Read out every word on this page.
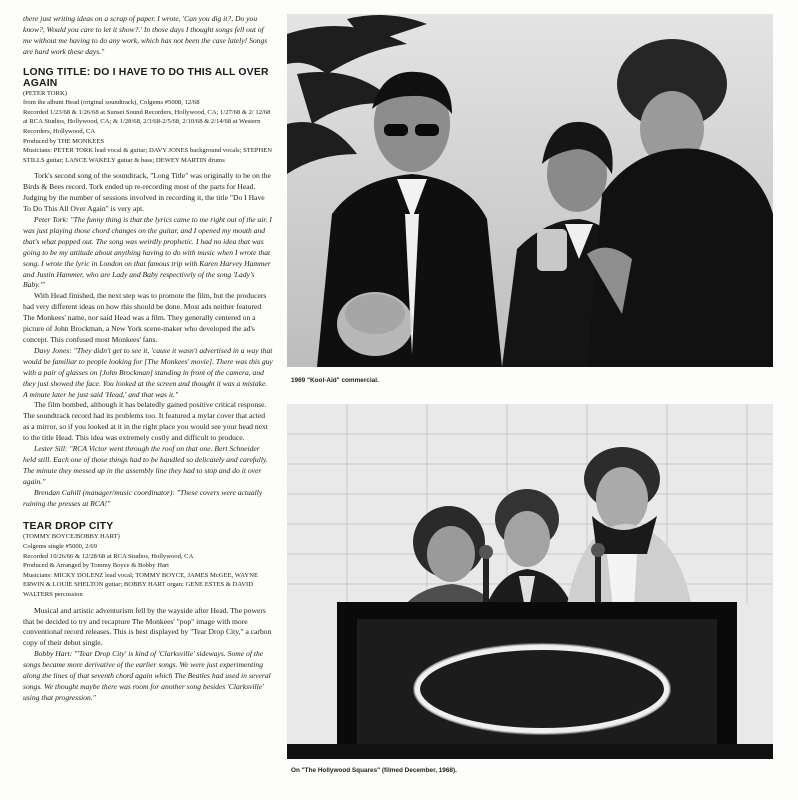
there just writing ideas on a scrap of paper. I wrote, 'Can you dig it?, Do you know?, Would you care to let it show?.' In those days I thought songs fell out of me without me having to do any work, which has not been the case lately! Songs are hard work these days."

LONG TITLE: DO I HAVE TO DO THIS ALL OVER AGAIN
(PETER TORK)
from the album Head (original soundtrack), Colgems #5008, 12/68
Recorded 1/23/68 & 1/26/68 at Sunset Sound Recorders, Hollywood, CA; 1/27/68 & 2/ 12/68 at RCA Studios, Hollywood, CA; & 1/28/68, 2/3/68-2/5/68, 2/10/68 & 2/14/68 at Western Recorders, Hollywood, CA
Produced by THE MONKEES
Musicians: PETER TORK lead vocal & guitar; DAVY JONES background vocals; STEPHEN STILLS guitar; LANCE WAKELY guitar & bass; DEWEY MARTIN drums

Tork's second song of the soundtrack, "Long Title" was originally to be on the Birds & Bees record. Tork ended up re-recording most of the parts for Head. Judging by the number of sessions involved in recording it, the title "Do I Have To Do This All Over Again" is very apt.

Peter Tork: "The funny thing is that the lyrics came to me right out of the air. I was just playing those chord changes on the guitar, and I opened my mouth and that's what popped out. The song was weirdly prophetic. I had no idea that was going to be my attitude about anything having to do with music when I wrote that song. I wrote the lyric in London on that famous trip with Karen Harvey Hammer and Justin Hammer, who are Lady and Baby respectively of the song 'Lady's Baby.'"

With Head finished, the next step was to promote the film, but the producers had very different ideas on how this should be done. Most ads neither featured The Monkees' name, nor said Head was a film. They generally centered on a picture of John Brockman, a New York scene-maker who developed the ad's concept. This confused most Monkees' fans.

Davy Jones: "They didn't get to see it, 'cause it wasn't advertised in a way that would be familiar to people looking for [The Monkees' movie]. There was this guy with a pair of glasses on [John Brockman] standing in front of the camera, and they just showed the face. You looked at the screen and thought it was a mistake. A minute later he just said 'Head,' and that was it."

The film bombed, although it has belatedly gained positive critical response. The soundtrack record had its problems too. It featured a mylar cover that acted as a mirror, so if you looked at it in the right place you would see your head next to the title Head. This idea was extremely costly and difficult to produce.

Lester Sill: "RCA Victor went through the roof on that one. Bert Schneider held still. Each one of those things had to be handled so delicately and carefully. The minute they messed up in the assembly line they had to stop and do it over again."

Brendan Cahill (manager/music coordinator): "These covers were actually ruining the presses at RCA!"

TEAR DROP CITY
(TOMMY BOYCE/BOBBY HART)
Colgems single #5000, 2/69
Recorded 10/26/66 & 12/28/68 at RCA Studios, Hollywood, CA
Produced & Arranged by Tommy Boyce & Bobby Hart
Musicians: MICKY DOLENZ lead vocal; TOMMY BOYCE, JAMES McGEE, WAYNE ERWIN & LOUIE SHELTON guitar; BOBBY HART organ; GENE ESTES & DAVID WALTERS percussion

Musical and artistic adventurism fell by the wayside after Head. The powers that be decided to try and recapture The Monkees' "pop" image with more conventional record releases. This is best displayed by "Tear Drop City," a carbon copy of their debut single.

Bobby Hart: "'Tear Drop City' is kind of 'Clarksville' sideways. Some of the songs became more derivative of the earlier songs. We were just experimenting along the lines of that seventh chord again which The Beatles had used in several songs. We thought maybe there was room for another song besides 'Clarksville' using that progression."

1969 "Kool-Aid" commercial.
On "The Hollywood Squares" (filmed December, 1968).
